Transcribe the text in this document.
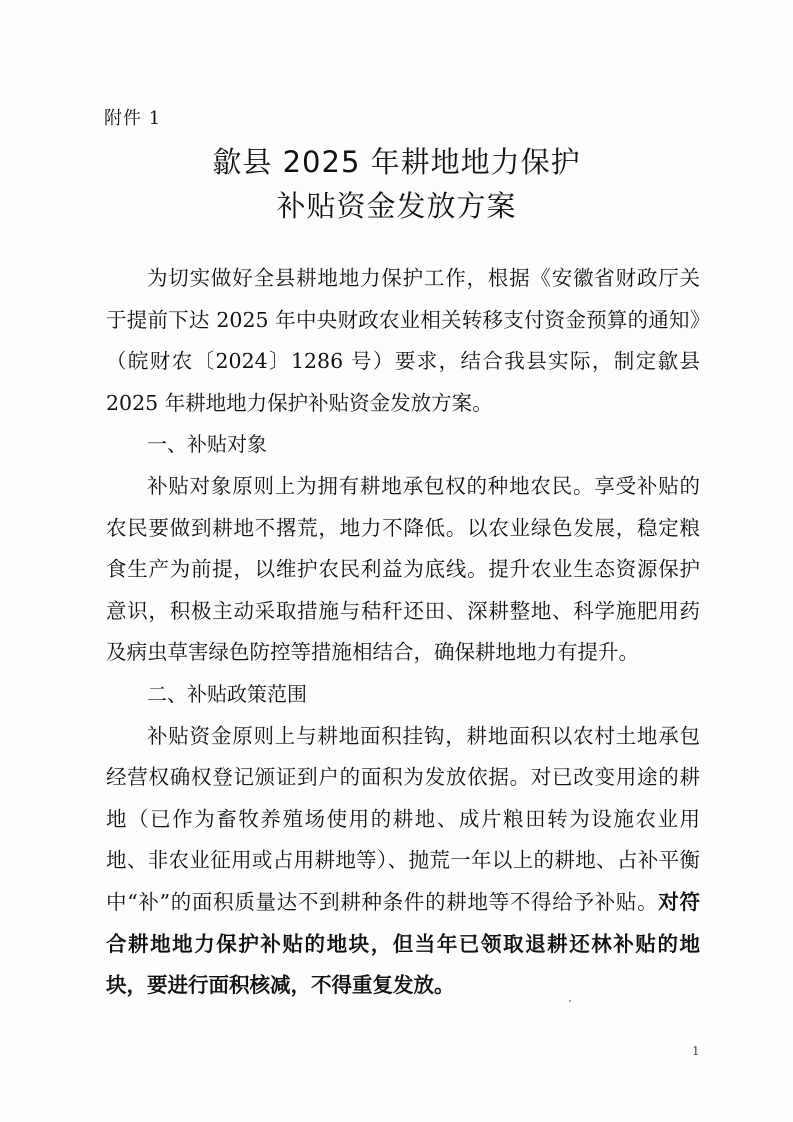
附件 1
歙县 2025 年耕地地力保护
补贴资金发放方案

为切实做好全县耕地地力保护工作，根据《安徽省财政厅关于提前下达 2025 年中央财政农业相关转移支付资金预算的通知》（皖财农〔2024〕1286 号）要求，结合我县实际，制定歙县 2025 年耕地地力保护补贴资金发放方案。

一、补贴对象

补贴对象原则上为拥有耕地承包权的种地农民。享受补贴的农民要做到耕地不撂荒，地力不降低。以农业绿色发展，稳定粮食生产为前提，以维护农民利益为底线。提升农业生态资源保护意识，积极主动采取措施与秸秆还田、深耕整地、科学施肥用药及病虫草害绿色防控等措施相结合，确保耕地地力有提升。

二、补贴政策范围

补贴资金原则上与耕地面积挂钩，耕地面积以农村土地承包经营权确权登记颁证到户的面积为发放依据。对已改变用途的耕地（已作为畜牧养殖场使用的耕地、成片粮田转为设施农业用地、非农业征用或占用耕地等）、抛荒一年以上的耕地、占补平衡中“补”的面积质量达不到耕种条件的耕地等不得给予补贴。对符合耕地地力保护补贴的地块，但当年已领取退耕还林补贴的地块，要进行面积核减，不得重复发放。

1
